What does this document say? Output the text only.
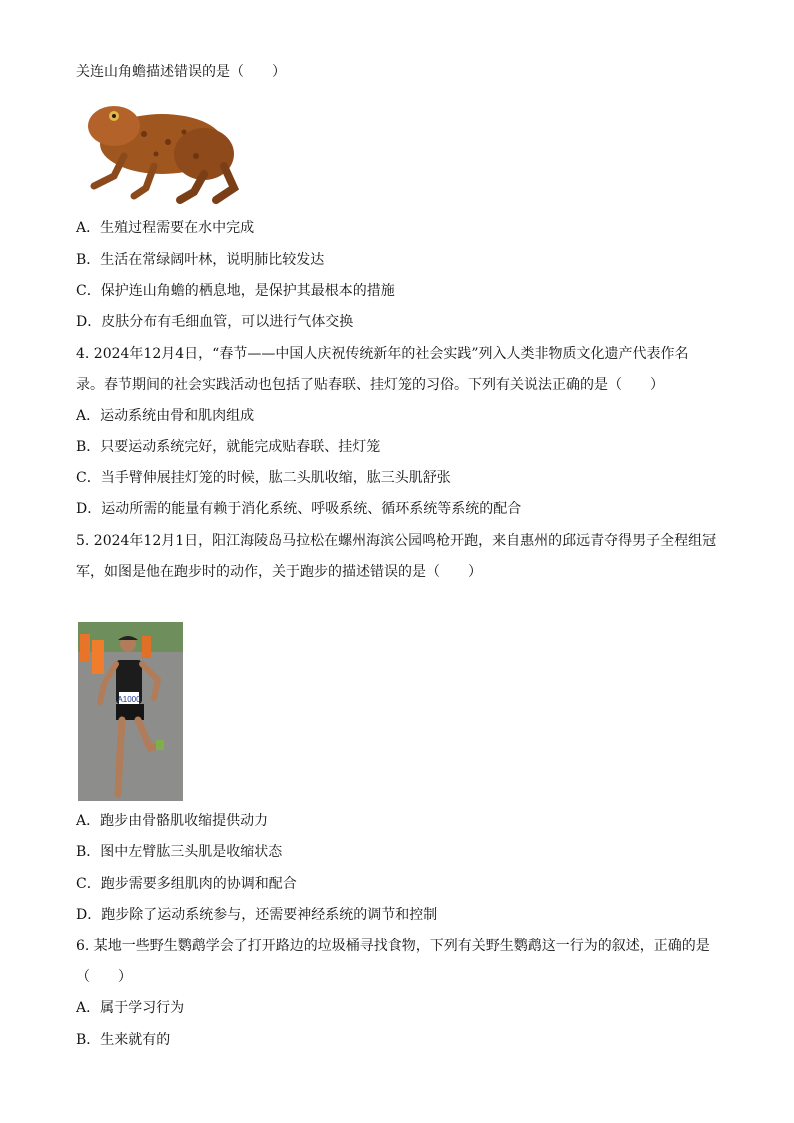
关连山角蟾描述错误的是（　　）
A．生殖过程需要在水中完成
B．生活在常绿阔叶林，说明肺比较发达
C．保护连山角蟾的栖息地，是保护其最根本的措施
D．皮肤分布有毛细血管，可以进行气体交换
4. 2024年12月4日，“春节——中国人庆祝传统新年的社会实践”列入人类非物质文化遗产代表作名
录。春节期间的社会实践活动也包括了贴春联、挂灯笼的习俗。下列有关说法正确的是（　　）
A．运动系统由骨和肌肉组成
B．只要运动系统完好，就能完成贴春联、挂灯笼
C．当手臂伸展挂灯笼的时候，肱二头肌收缩，肱三头肌舒张
D．运动所需的能量有赖于消化系统、呼吸系统、循环系统等系统的配合
5. 2024年12月1日，阳江海陵岛马拉松在螺州海滨公园鸣枪开跑，来自惠州的邱远青夺得男子全程组冠
军，如图是他在跑步时的动作，关于跑步的描述错误的是（　　）
A1000
A．跑步由骨骼肌收缩提供动力
B．图中左臂肱三头肌是收缩状态
C．跑步需要多组肌肉的协调和配合
D．跑步除了运动系统参与，还需要神经系统的调节和控制
6. 某地一些野生鹦鹉学会了打开路边的垃圾桶寻找食物，下列有关野生鹦鹉这一行为的叙述，正确的是
（　　）
A．属于学习行为
B．生来就有的
